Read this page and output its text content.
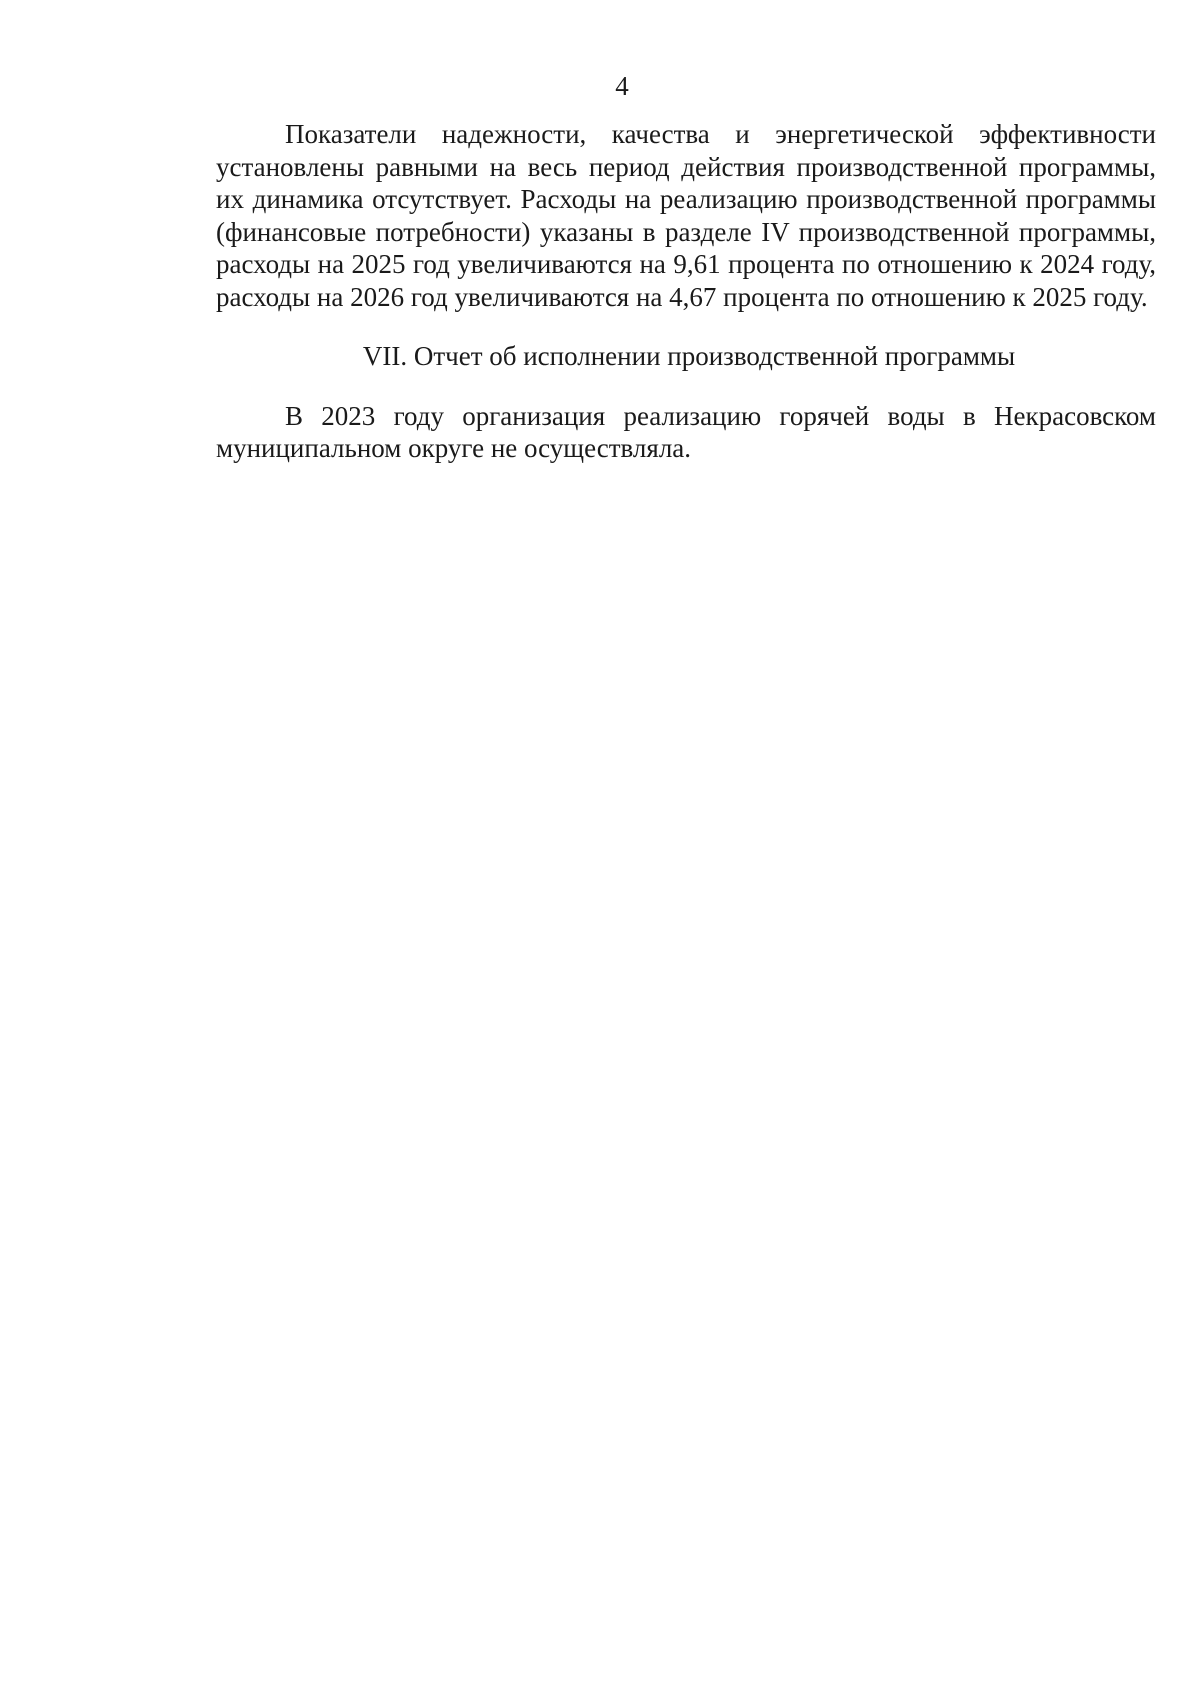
4

Показатели надежности, качества и энергетической эффективности установлены равными на весь период действия производственной программы, их динамика отсутствует. Расходы на реализацию производственной программы (финансовые потребности) указаны в разделе IV производственной программы, расходы на 2025 год увеличиваются на 9,61 процента по отношению к 2024 году, расходы на 2026 год увеличиваются на 4,67 процента по отношению к 2025 году.

VII. Отчет об исполнении производственной программы

В 2023 году организация реализацию горячей воды в Некрасовском муниципальном округе не осуществляла.
